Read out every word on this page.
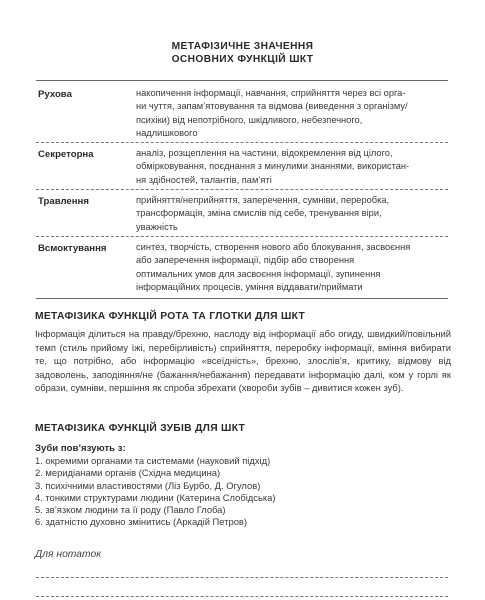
МЕТАФІЗИЧНЕ ЗНАЧЕННЯ
ОСНОВНИХ ФУНКЦІЙ ШКТ
Рухова	накопичення інформації, навчання, сприйняття через всі орга-
ни чуття, запам’ятовування та відмова (виведення з організму/
психіки) від непотрібного, шкідливого, небезпечного,
надлишкового
Секреторна	аналіз, розщеплення на частини, відокремлення від цілого,
обмірковування, поєднання з минулими знаннями, використан-
ня здібностей, талантів, пам’яті
Травлення	прийняття/неприйняття, заперечення, сумніви, переробка,
трансформація, зміна смислів під себе, тренування віри,
уважність
Всмоктування	синтез, творчість, створення нового або блокування, засвоєння
або заперечення інформації, підбір або створення
оптимальних умов для засвоєння інформації, зупинення
інформаційних процесів, уміння віддавати/приймати
МЕТАФІЗИКА ФУНКЦІЙ РОТА ТА ГЛОТКИ ДЛЯ ШКТ
Інформація ділиться на правду/брехню, наслоду від інформації або огиду, швидкий/повільний темп (стиль прийому їжі, перебірливість) сприйняття, переробку інформації, вміння вибирати те, що потрібно, або інформацію «всеїдність», брехню, злослів’я, критику, відмову від задоволень, заподіяння/не (бажання/небажання) передавати інформацію далі, ком у горлі як образи, сумніви, першіння як спроба збрехати (хвороби зубів – дивитися кожен зуб).
МЕТАФІЗИКА ФУНКЦІЙ ЗУБІВ ДЛЯ ШКТ
Зуби пов’язують з:
1. окремими органами та системами (науковий підхід)
2. меридіанами органів (Східна медицина)
3. психічними властивостями (Ліз Бурбо, Д. Огулов)
4. тонкими структурами людини (Катерина Слобідська)
5. зв’язком людини та її роду (Павло Глоба)
6. здатністю духовно змінитись (Аркадій Петров)
Для нотаток
